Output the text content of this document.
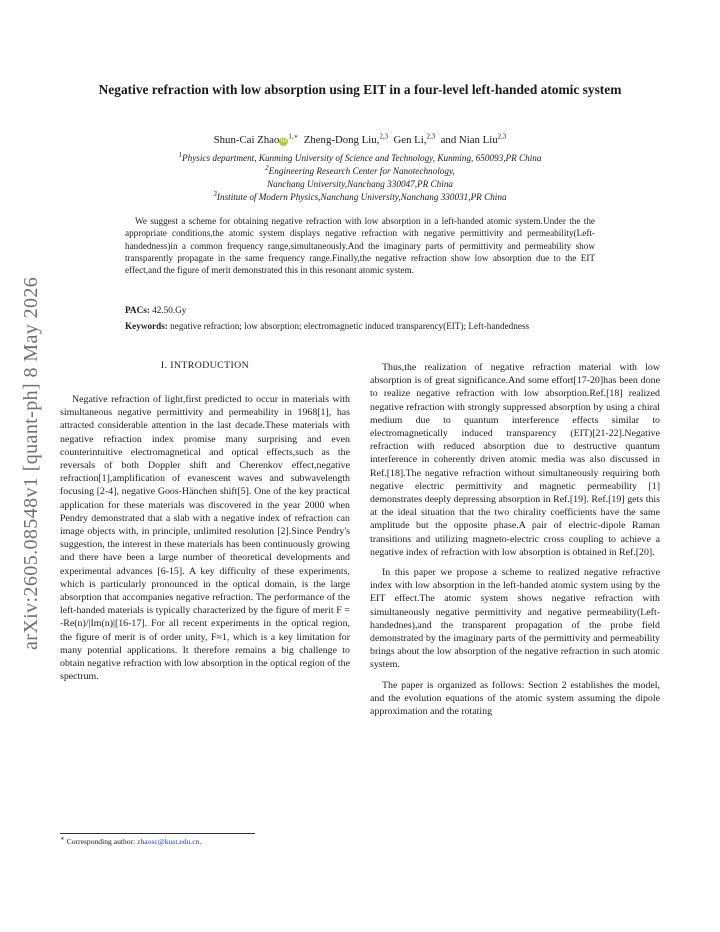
arXiv:2605.08548v1 [quant-ph] 8 May 2026
Negative refraction with low absorption using EIT in a four-level left-handed atomic system
Shun-Cai Zhao $iD^{1,∗}$ Zheng-Dong Liu,$^{2,3}$ Gen Li,$^{2,3}$ and Nian Liu$^{2,3}$
$^1$Physics department, Kunming University of Science and Technology, Kunming, 650093,PR China
$^2$Engineering Research Center for Nanotechnology,
Nanchang University,Nanchang 330047,PR China
$^3$Institute of Modern Physics,Nanchang University,Nanchang 330031,PR China
We suggest a scheme for obtaining negative refraction with low absorption in a left-handed atomic system.Under the the appropriate conditions,the atomic system displays negative refraction with negative permittivity and permeability(Left-handedness)in a common frequency range,simultaneously.And the imaginary parts of permittivity and permeability show transparently propagate in the same frequency range.Finally,the negative refraction show low absorption due to the EIT effect,and the figure of merit demonstrated this in this resonant atomic system.
PACs: 42.50.Gy
Keywords: negative refraction; low absorption; electromagnetic induced transparency(EIT); Left-handedness
I. INTRODUCTION

Negative refraction of light,first predicted to occur in materials with simultaneous negative permittivity and permeability in 1968[1], has attracted considerable attention in the last decade.These materials with negative refraction index promise many surprising and even counterintuitive electromagnetical and optical effects,such as the reversals of both Doppler shift and Cherenkov effect,negative refraction[1],amplification of evanescent waves and subwavelength focusing [2-4], negative Goos-Hänchen shift[5]. One of the key practical application for these materials was discovered in the year 2000 when Pendry demonstrated that a slab with a negative index of refraction can image objects with, in principle, unlimited resolution [2].Since Pendry's suggestion, the interest in these materials has been continuously growing and there have been a large number of theoretical developments and experimental advances [6-15]. A key difficulty of these experiments, which is particularly pronounced in the optical domain, is the large absorption that accompanies negative refraction. The performance of the left-handed materials is typically characterized by the figure of merit F = -Re(n)/|Im(n)|[16-17]. For all recent experiments in the optical region, the figure of merit is of order unity, F≈1, which is a key limitation for many potential applications. It therefore remains a big challenge to obtain negative refraction with low absorption in the optical region of the spectrum.

Thus,the realization of negative refraction material with low absorption is of great significance.And some effort[17-20]has been done to realize negative refraction with low absorption.Ref.[18] realized negative refraction with strongly suppressed absorption by using a chiral medium due to quantum interference effects similar to electromagnetically induced transparency (EIT)[21-22].Negative refraction with reduced absorption due to destructive quantum interference in coherently driven atomic media was also discussed in Ref.[18].The negative refraction without simultaneously requiring both negative electric permittivity and magnetic permeability [1] demonstrates deeply depressing absorption in Ref.[19]. Ref.[19] gets this at the ideal situation that the two chirality coefficients have the same amplitude but the opposite phase.A pair of electric-dipole Raman transitions and utilizing magneto-electric cross coupling to achieve a negative index of refraction with low absorption is obtained in Ref.[20].

In this paper we propose a scheme to realized negative refractive index with low absorption in the left-handed atomic system using by the EIT effect.The atomic system shows negative refraction with simultaneously negative permittivity and negative permeability(Left-handednes),and the transparent propagation of the probe field demonstrated by the imaginary parts of the permittivity and permeability brings about the low absorption of the negative refraction in such atomic system.

The paper is organized as follows: Section 2 establishes the model, and the evolution equations of the atomic system assuming the dipole approximation and the rotating

∗ Corresponding author: zhaosc@kust.edu.cn.
